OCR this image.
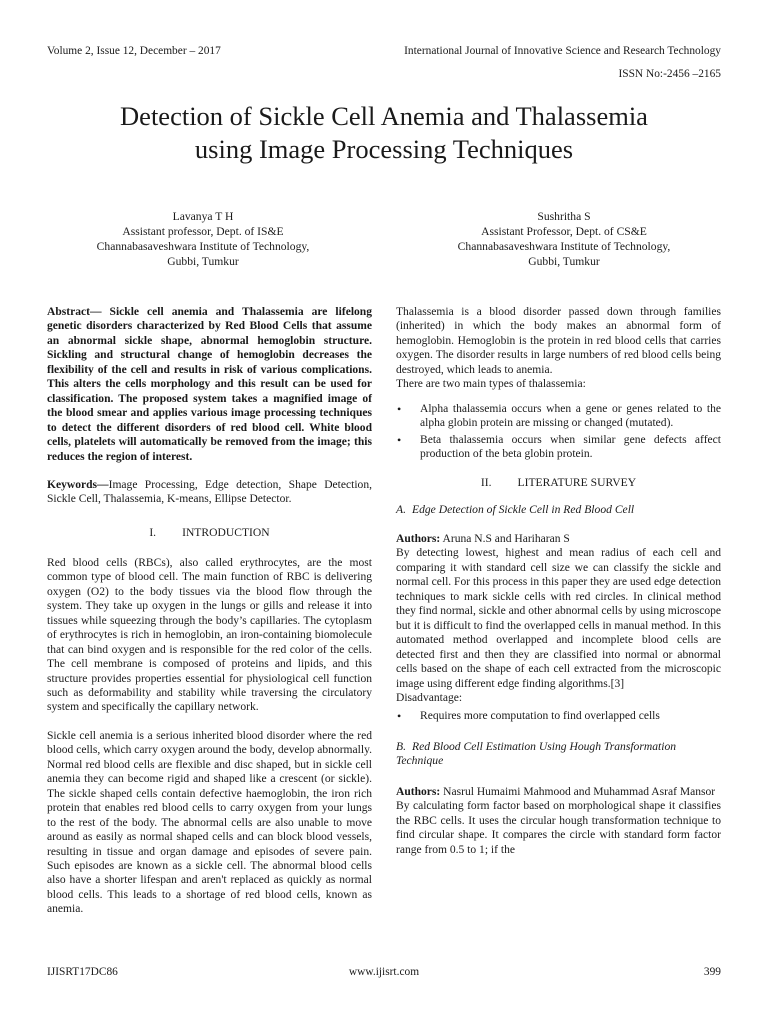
Volume 2, Issue 12, December – 2017	International Journal of Innovative Science and Research Technology
ISSN No:-2456 –2165
Detection of Sickle Cell Anemia and Thalassemia
using Image Processing Techniques
Lavanya T H
Assistant professor, Dept. of IS&E
Channabasaveshwara Institute of Technology,
Gubbi, Tumkur
Sushritha S
Assistant Professor, Dept. of CS&E
Channabasaveshwara Institute of Technology,
Gubbi, Tumkur

Abstract— Sickle cell anemia and Thalassemia are lifelong genetic disorders characterized by Red Blood Cells that assume an abnormal sickle shape, abnormal hemoglobin structure. Sickling and structural change of hemoglobin decreases the flexibility of the cell and results in risk of various complications. This alters the cells morphology and this result can be used for classification. The proposed system takes a magnified image of the blood smear and applies various image processing techniques to detect the different disorders of red blood cell. White blood cells, platelets will automatically be removed from the image; this reduces the region of interest.

Keywords—Image Processing, Edge detection, Shape Detection, Sickle Cell, Thalassemia, K-means, Ellipse Detector.

I. INTRODUCTION

Red blood cells (RBCs), also called erythrocytes, are the most common type of blood cell. The main function of RBC is delivering oxygen (O2) to the body tissues via the blood flow through the system. They take up oxygen in the lungs or gills and release it into tissues while squeezing through the body’s capillaries. The cytoplasm of erythrocytes is rich in hemoglobin, an iron-containing biomolecule that can bind oxygen and is responsible for the red color of the cells. The cell membrane is composed of proteins and lipids, and this structure provides properties essential for physiological cell function such as deformability and stability while traversing the circulatory system and specifically the capillary network.

Sickle cell anemia is a serious inherited blood disorder where the red blood cells, which carry oxygen around the body, develop abnormally. Normal red blood cells are flexible and disc shaped, but in sickle cell anemia they can become rigid and shaped like a crescent (or sickle). The sickle shaped cells contain defective haemoglobin, the iron rich protein that enables red blood cells to carry oxygen from your lungs to the rest of the body. The abnormal cells are also unable to move around as easily as normal shaped cells and can block blood vessels, resulting in tissue and organ damage and episodes of severe pain. Such episodes are known as a sickle cell. The abnormal blood cells also have a shorter lifespan and aren't replaced as quickly as normal blood cells. This leads to a shortage of red blood cells, known as anemia.

Thalassemia is a blood disorder passed down through families (inherited) in which the body makes an abnormal form of hemoglobin. Hemoglobin is the protein in red blood cells that carries oxygen. The disorder results in large numbers of red blood cells being destroyed, which leads to anemia.

There are two main types of thalassemia:

• Alpha thalassemia occurs when a gene or genes related to the alpha globin protein are missing or changed (mutated).
• Beta thalassemia occurs when similar gene defects affect production of the beta globin protein.
II. LITERATURE SURVEY
A. Edge Detection of Sickle Cell in Red Blood Cell

Authors: Aruna N.S and Hariharan S

By detecting lowest, highest and mean radius of each cell and comparing it with standard cell size we can classify the sickle and normal cell. For this process in this paper they are used edge detection techniques to mark sickle cells with red circles. In clinical method they find normal, sickle and other abnormal cells by using microscope but it is difficult to find the overlapped cells in manual method. In this automated method overlapped and incomplete blood cells are detected first and then they are classified into normal or abnormal cells based on the shape of each cell extracted from the microscopic image using different edge finding algorithms.[3]

Disadvantage:

• Requires more computation to find overlapped cells
B. Red Blood Cell Estimation Using Hough Transformation Technique

Authors: Nasrul Humaimi Mahmood and Muhammad Asraf Mansor

By calculating form factor based on morphological shape it classifies the RBC cells. It uses the circular hough transformation technique to find circular shape. It compares the circle with standard form factor range from 0.5 to 1; if the

IJISRT17DC86	www.ijisrt.com	399
